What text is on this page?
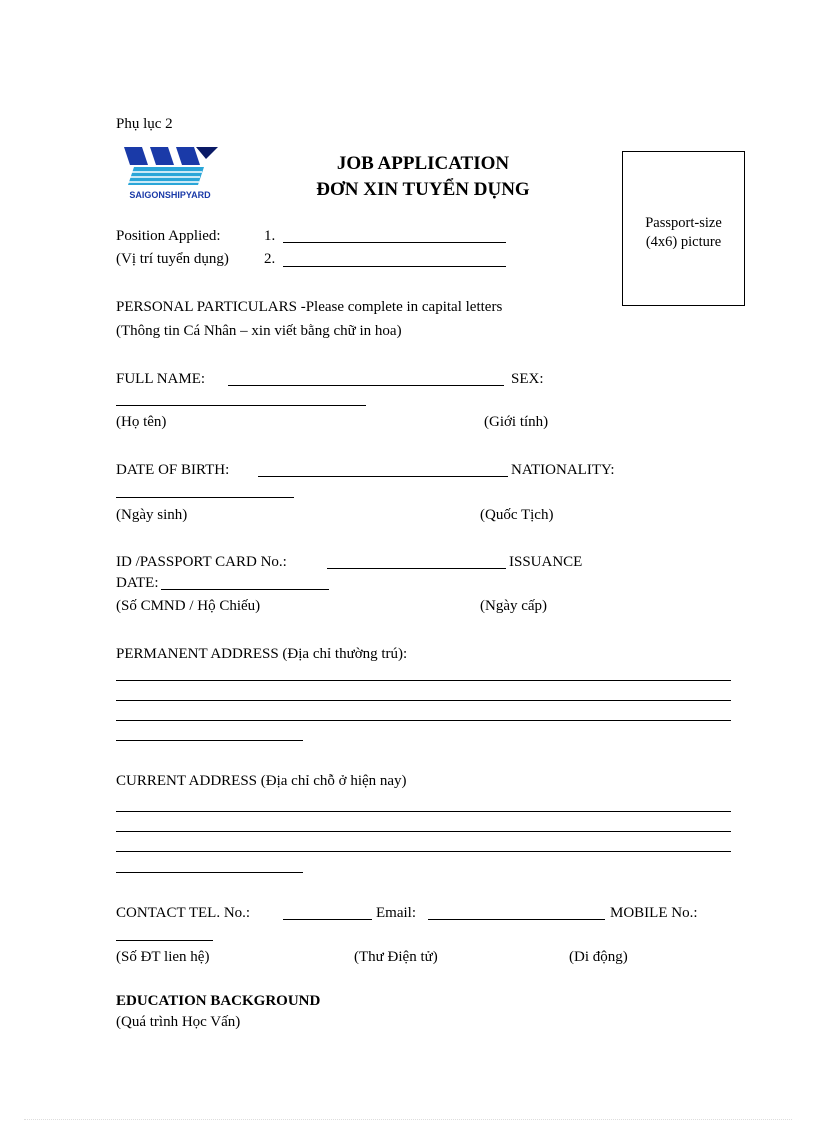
Phụ lục 2
SAIGONSHIPYARD
JOB APPLICATION
ĐƠN XIN TUYỂN DỤNG
Passport-size
(4x6) picture
Position Applied:	1.
(Vị trí tuyển dụng) 2.
PERSONAL PARTICULARS -Please complete in capital letters
(Thông tin Cá Nhân – xin viết bằng chữ in hoa)
FULL NAME:	SEX:
(Họ tên)	(Giới tính)
DATE OF BIRTH:	NATIONALITY:
(Ngày sinh)	(Quốc Tịch)
ID /PASSPORT CARD No.:	ISSUANCE
DATE:
(Số CMND / Hộ Chiếu)	(Ngày cấp)
PERMANENT ADDRESS (Địa chỉ thường trú):
CURRENT ADDRESS (Địa chỉ chỗ ở hiện nay)
CONTACT TEL. No.:	Email:	MOBILE No.:
(Số ĐT lien hệ)	(Thư Điện tử)	(Di động)
EDUCATION BACKGROUND
(Quá trình Học Vấn)
